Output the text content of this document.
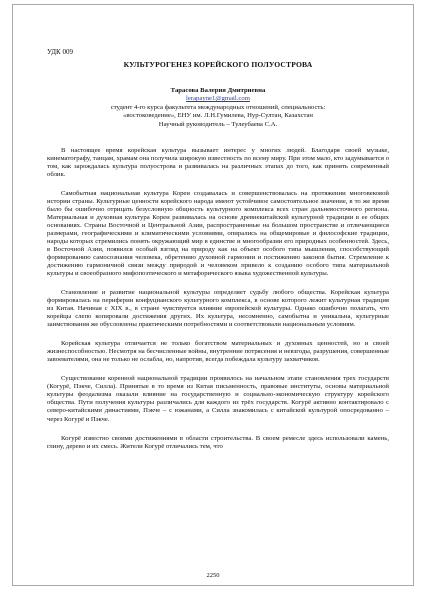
УДК 009
КУЛЬТУРОГЕНЕЗ КОРЕЙСКОГО ПОЛУОСТРОВА
Тарасова Валерия Дмитриевна
lerapayne1@gmail.com
студент 4-го курса факультета международных отношений, специальность:
«востоковедение», ЕНУ им. Л.Н.Гумилева, Нур-Султан, Казахстан
Научный руководитель – Тулеубаева С.А.

В настоящее время корейская культура вызывает интерес у многих людей. Благодаря своей музыке, кинематографу, танцам, храмам она получила широкую известность по всему миру. При этом мало, кто задумывается о том, как зарождалась культура полуострова и развивалась на различных этапах до того, как принять современный облик.

Самобытная национальная культура Кореи создавалась и совершенствовалась на протяжении многовековой истории страны. Культурные ценности корейского народа имеют устойчивое самостоятельное значение, в то же время было бы ошибочно отрицать безусловную общность культурного комплекса всех стран дальневосточного региона. Материальная и духовная культура Кореи развивалась на основе древнекитайской культурной традиции в ее общих основаниях. Страны Восточной и Центральной Азии, распространенные на большом пространстве и отличающиеся размерами, географическими и климатическими условиями, опирались на общемировые и философские традиции, народы которых стремились понять окружающий мир в единстве и многообразии его природных особенностей. Здесь, в Восточной Азии, появился особый взгляд на природу как на объект особого типа мышления, способствующий формированию самосознания человека, обретению духовной гармонии и постижению законов бытия. Стремление к достижению гармоничной связи между природой и человеком привело к созданию особого типа материальной культуры и своеобразного мифопоэтического и метафорического языка художественной культуры.

Становление и развитие национальной культуры определяет судьбу любого общества. Корейская культура формировалась на периферии конфуцианского культурного комплекса, в основе которого лежит культурная традиция из Китая. Начиная с XIX в., в стране чувствуется влияние европейской культуры. Однако ошибочно полагать, что корейцы слепо копировали достижения других. Их культура, несомненно, самобытна и уникальна, культурные заимствования же обусловлены практическими потребностями и соответствовали национальным условиям.

Корейская культура отличается не только богатством материальных и духовных ценностей, но и своей жизнеспособностью. Несмотря на бесчисленные войны, внутренние потрясения и невзгоды, разрушения, совершенные завоевателями, она не только не ослабла, но, напротив, всегда побеждала культуру захватчиков.

Существование коренной национальной традиции проявилось на начальном этапе становления трех государств (Когурё, Пэкче, Силла). Принятые в то время из Китая письменность, правовые институты, основы материальной культуры феодализма оказали влияние на государственную и социально-экономическую структуру корейского общества. Пути получения культуры различались для каждого из трёх государств. Когурё активно контактировало с северо-китайскими династиями, Пэкче – с южанами, а Силла знакомилась с китайской культурой опосредованно – через Когурё и Пэкче.

Когурё известно своими достижениями в области строительства. В своем ремесле здесь использовали камень, глину, дерево и их смесь. Жители Когурё отличались тем, что

2250
